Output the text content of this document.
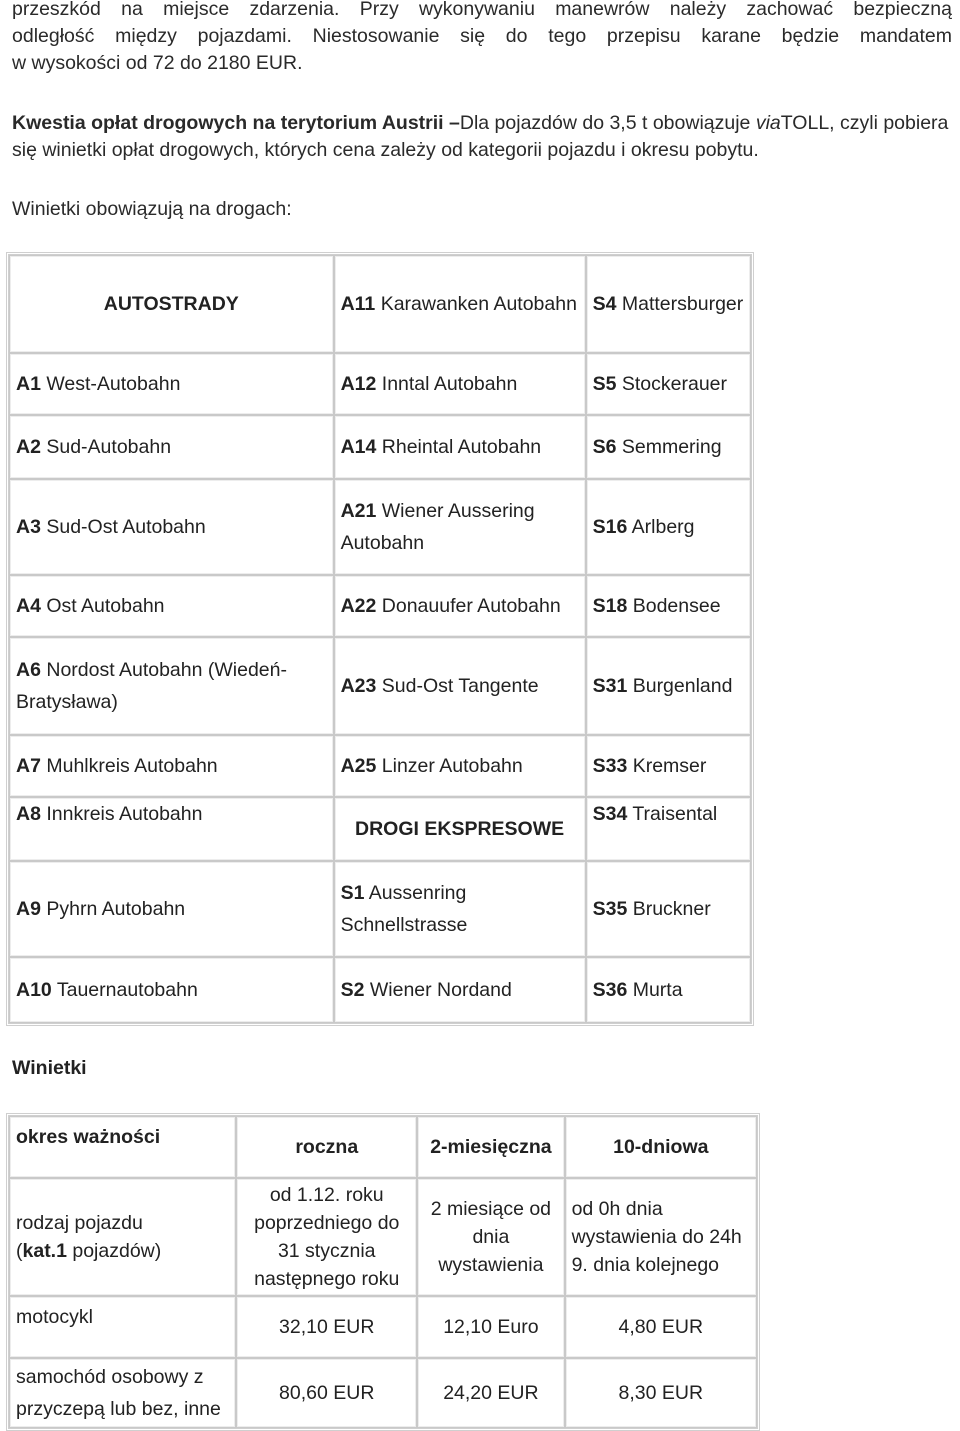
przeszkód na miejsce zdarzenia. Przy wykonywaniu manewrów należy zachować bezpieczną
odległość między pojazdami. Niestosowanie się do tego przepisu karane będzie mandatem
w wysokości od 72 do 2180 EUR.
Kwestia opłat drogowych na terytorium Austrii –Dla pojazdów do 3,5 t obowiązuje viaTOLL, czyli pobiera się winietki opłat drogowych, których cena zależy od kategorii pojazdu i okresu pobytu.
Winietki obowiązują na drogach:
AUTOSTRADY	A11 Karawanken Autobahn	S4 Mattersburger
A1 West-Autobahn	A12 Inntal Autobahn	S5 Stockerauer
A2 Sud-Autobahn	A14 Rheintal Autobahn	S6 Semmering
A3 Sud-Ost Autobahn	A21 Wiener Aussering Autobahn	S16 Arlberg
A4 Ost Autobahn	A22 Donauufer Autobahn	S18 Bodensee
A6 Nordost Autobahn (Wiedeń-Bratysława)	A23 Sud-Ost Tangente	S31 Burgenland
A7 Muhlkreis Autobahn	A25 Linzer Autobahn	S33 Kremser
A8 Innkreis Autobahn	DROGI EKSPRESOWE	S34 Traisental
A9 Pyhrn Autobahn	S1 Aussenring Schnellstrasse	S35 Bruckner
A10 Tauernautobahn	S2 Wiener Nordand	S36 Murta
Winietki
okres ważności	roczna	2-miesięczna	10-dniowa

rodzaj pojazdu
(kat.1 pojazdów)	od 1.12. roku poprzedniego do 31 stycznia następnego roku	2 miesiące od dnia wystawienia	od 0h dnia wystawienia do 24h 9. dnia kolejnego
motocykl	32,10 EUR	12,10 Euro	4,80 EUR
samochód osobowy z przyczepą lub bez, inne	80,60 EUR	24,20 EUR	8,30 EUR
